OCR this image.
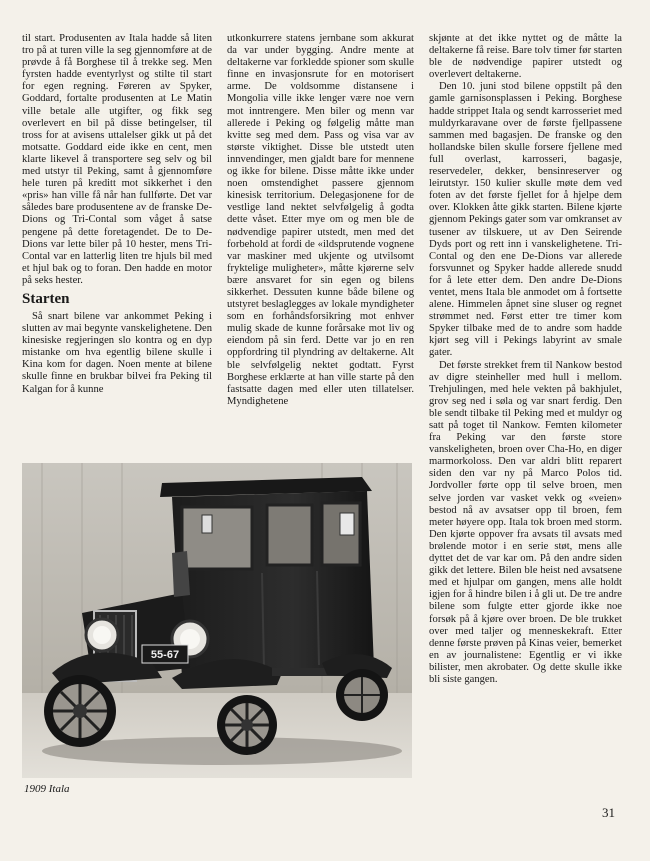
til start. Produsenten av Itala hadde så liten tro på at turen ville la seg gjennomføre at de prøvde å få Borghese til å trekke seg. Men fyrsten hadde eventyrlyst og stilte til start for egen regning. Føreren av Spyker, Goddard, fortalte produsenten at Le Matin ville betale alle utgifter, og fikk seg overlevert en bil på disse betingelser, til tross for at avisens uttalelser gikk ut på det motsatte. Goddard eide ikke en cent, men klarte likevel å transportere seg selv og bil med utstyr til Peking, samt å gjennomføre hele turen på kreditt mot sikkerhet i den «pris» han ville få når han fullførte. Det var således bare produsentene av de franske De-Dions og Tri-Contal som våget å satse pengene på dette foretagendet. De to De-Dions var lette biler på 10 hester, mens Tri-Contal var en latterlig liten tre hjuls bil med et hjul bak og to foran. Den hadde en motor på seks hester.

Starten

Så snart bilene var ankommet Peking i slutten av mai begynte vanskelighetene. Den kinesiske regjeringen slo kontra og en dyp mistanke om hva egentlig bilene skulle i Kina kom for dagen. Noen mente at bilene skulle finne en brukbar bilvei fra Peking til Kalgan for å kunne

utkonkurrere statens jernbane som akkurat da var under bygging. Andre mente at deltakerne var forkledde spioner som skulle finne en invasjonsrute for en motorisert arme. De voldsomme distansene i Mongolia ville ikke lenger være noe vern mot inntrengere. Men biler og menn var allerede i Peking og følgelig måtte man kvitte seg med dem. Pass og visa var av største viktighet. Disse ble utstedt uten innvendinger, men gjaldt bare for mennene og ikke for bilene. Disse måtte ikke under noen omstendighet passere gjennom kinesisk territorium. Delegasjonene for de vestlige land nektet selvfølgelig å godta dette våset. Etter mye om og men ble de nødvendige papirer utstedt, men med det forbehold at fordi de «ildsprutende vognene var maskiner med ukjente og utvilsomt fryktelige muligheter», måtte kjørerne selv bære ansvaret for sin egen og bilens sikkerhet. Dessuten kunne både bilene og utstyret beslaglegges av lokale myndigheter som en forhåndsforsikring mot enhver mulig skade de kunne forårsake mot liv og eiendom på sin ferd. Dette var jo en ren oppfordring til plyndring av deltakerne. Alt ble selvfølgelig nektet godtatt. Fyrst Borghese erklærte at han ville starte på den fastsatte dagen med eller uten tillatelser. Myndighetene

skjønte at det ikke nyttet og de måtte la deltakerne få reise. Bare tolv timer før starten ble de nødvendige papirer utstedt og overlevert deltakerne.

Den 10. juni stod bilene oppstilt på den gamle garnisonsplassen i Peking. Borghese hadde strippet Itala og sendt karrosseriet med muldyrkaravane over de første fjellpassene sammen med bagasjen. De franske og den hollandske bilen skulle forsere fjellene med full overlast, karrosseri, bagasje, reservedeler, dekker, bensinreserver og leirutstyr. 150 kulier skulle møte dem ved foten av det første fjellet for å hjelpe dem over. Klokken åtte gikk starten. Bilene kjørte gjennom Pekings gater som var omkranset av tusener av tilskuere, ut av Den Seirende Dyds port og rett inn i vanskelighetene. Tri-Contal og den ene De-Dions var allerede forsvunnet og Spyker hadde allerede snudd for å lete etter dem. Den andre De-Dions ventet, mens Itala ble anmodet om å fortsette alene. Himmelen åpnet sine sluser og regnet strømmet ned. Først etter tre timer kom Spyker tilbake med de to andre som hadde kjørt seg vill i Pekings labyrint av smale gater.

Det første strekket frem til Nankow bestod av digre steinheller med hull i mellom. Trehjulingen, med hele vekten på bakhjulet, grov seg ned i søla og var snart ferdig. Den ble sendt tilbake til Peking med et muldyr og satt på toget til Nankow. Femten kilometer fra Peking var den første store vanskeligheten, broen over Cha-Ho, en diger marmorkoloss. Den var aldri blitt reparert siden den var ny på Marco Polos tid. Jordvoller førte opp til selve broen, men selve jorden var vasket vekk og «veien» bestod nå av avsatser opp til broen, fem meter høyere opp. Itala tok broen med storm. Den kjørte oppover fra avsats til avsats med brølende motor i en serie støt, mens alle dyttet det de var kar om. På den andre siden gikk det lettere. Bilen ble heist ned avsatsene med et hjulpar om gangen, mens alle holdt igjen for å hindre bilen i å gli ut. De tre andre bilene som fulgte etter gjorde ikke noe forsøk på å kjøre over broen. De ble trukket over med taljer og menneskekraft. Etter denne første prøven på Kinas veier, bemerket en av journalistene: Egentlig er vi ikke bilister, men akrobater. Og dette skulle ikke bli siste gangen.

55-67
1909 Itala
31
